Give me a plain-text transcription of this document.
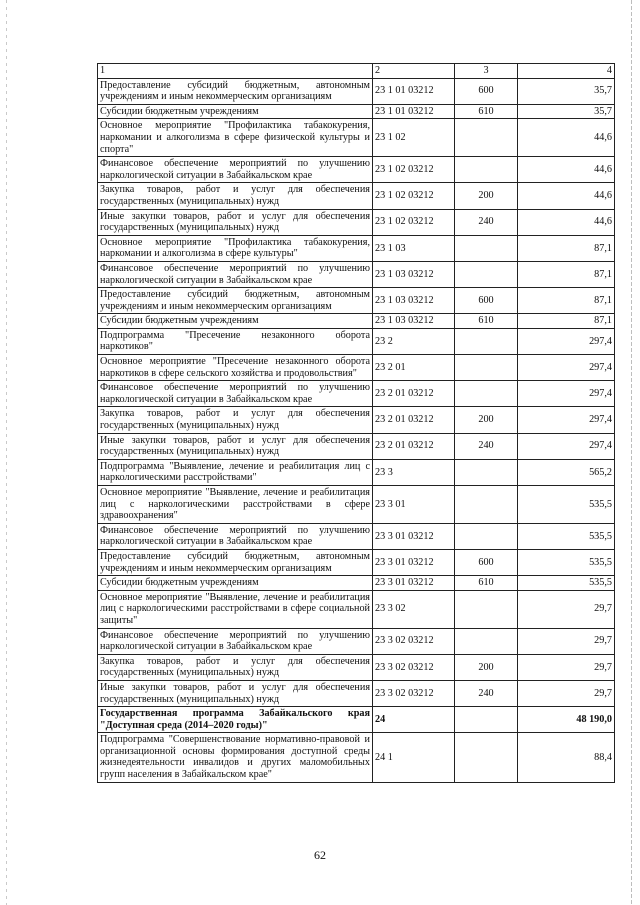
1	2	3	4
Предоставление субсидий бюджетным, автономным учреждениям и иным некоммерческим организациям	23 1 01 03212	600	35,7
Субсидии бюджетным учреждениям	23 1 01 03212	610	35,7
Основное мероприятие "Профилактика табакокурения, наркомании и алкоголизма в сфере физической культуры и спорта"	23 1 02		44,6
Финансовое обеспечение мероприятий по улучшению наркологической ситуации в Забайкальском крае	23 1 02 03212		44,6
Закупка товаров, работ и услуг для обеспечения государственных (муниципальных) нужд	23 1 02 03212	200	44,6
Иные закупки товаров, работ и услуг для обеспечения государственных (муниципальных) нужд	23 1 02 03212	240	44,6
Основное мероприятие "Профилактика табакокурения, наркомании и алкоголизма в сфере культуры"	23 1 03		87,1
Финансовое обеспечение мероприятий по улучшению наркологической ситуации в Забайкальском крае	23 1 03 03212		87,1
Предоставление субсидий бюджетным, автономным учреждениям и иным некоммерческим организациям	23 1 03 03212	600	87,1
Субсидии бюджетным учреждениям	23 1 03 03212	610	87,1
Подпрограмма "Пресечение незаконного оборота наркотиков"	23 2		297,4
Основное мероприятие "Пресечение незаконного оборота наркотиков в сфере сельского хозяйства и продовольствия"	23 2 01		297,4
Финансовое обеспечение мероприятий по улучшению наркологической ситуации в Забайкальском крае	23 2 01 03212		297,4
Закупка товаров, работ и услуг для обеспечения государственных (муниципальных) нужд	23 2 01 03212	200	297,4
Иные закупки товаров, работ и услуг для обеспечения государственных (муниципальных) нужд	23 2 01 03212	240	297,4
Подпрограмма "Выявление, лечение и реабилитация лиц с наркологическими расстройствами"	23 3		565,2
Основное мероприятие "Выявление, лечение и реабилитация лиц с наркологическими расстройствами в сфере здравоохранения"	23 3 01		535,5
Финансовое обеспечение мероприятий по улучшению наркологической ситуации в Забайкальском крае	23 3 01 03212		535,5
Предоставление субсидий бюджетным, автономным учреждениям и иным некоммерческим организациям	23 3 01 03212	600	535,5
Субсидии бюджетным учреждениям	23 3 01 03212	610	535,5
Основное мероприятие "Выявление, лечение и реабилитация лиц с наркологическими расстройствами в сфере социальной защиты"	23 3 02		29,7
Финансовое обеспечение мероприятий по улучшению наркологической ситуации в Забайкальском крае	23 3 02 03212		29,7
Закупка товаров, работ и услуг для обеспечения государственных (муниципальных) нужд	23 3 02 03212	200	29,7
Иные закупки товаров, работ и услуг для обеспечения государственных (муниципальных) нужд	23 3 02 03212	240	29,7
Государственная программа Забайкальского края "Доступная среда (2014–2020 годы)"	24		48 190,0
Подпрограмма "Совершенствование нормативно-правовой и организационной основы формирования доступной среды жизнедеятельности инвалидов и других маломобильных групп населения в Забайкальском крае"	24 1		88,4
62
